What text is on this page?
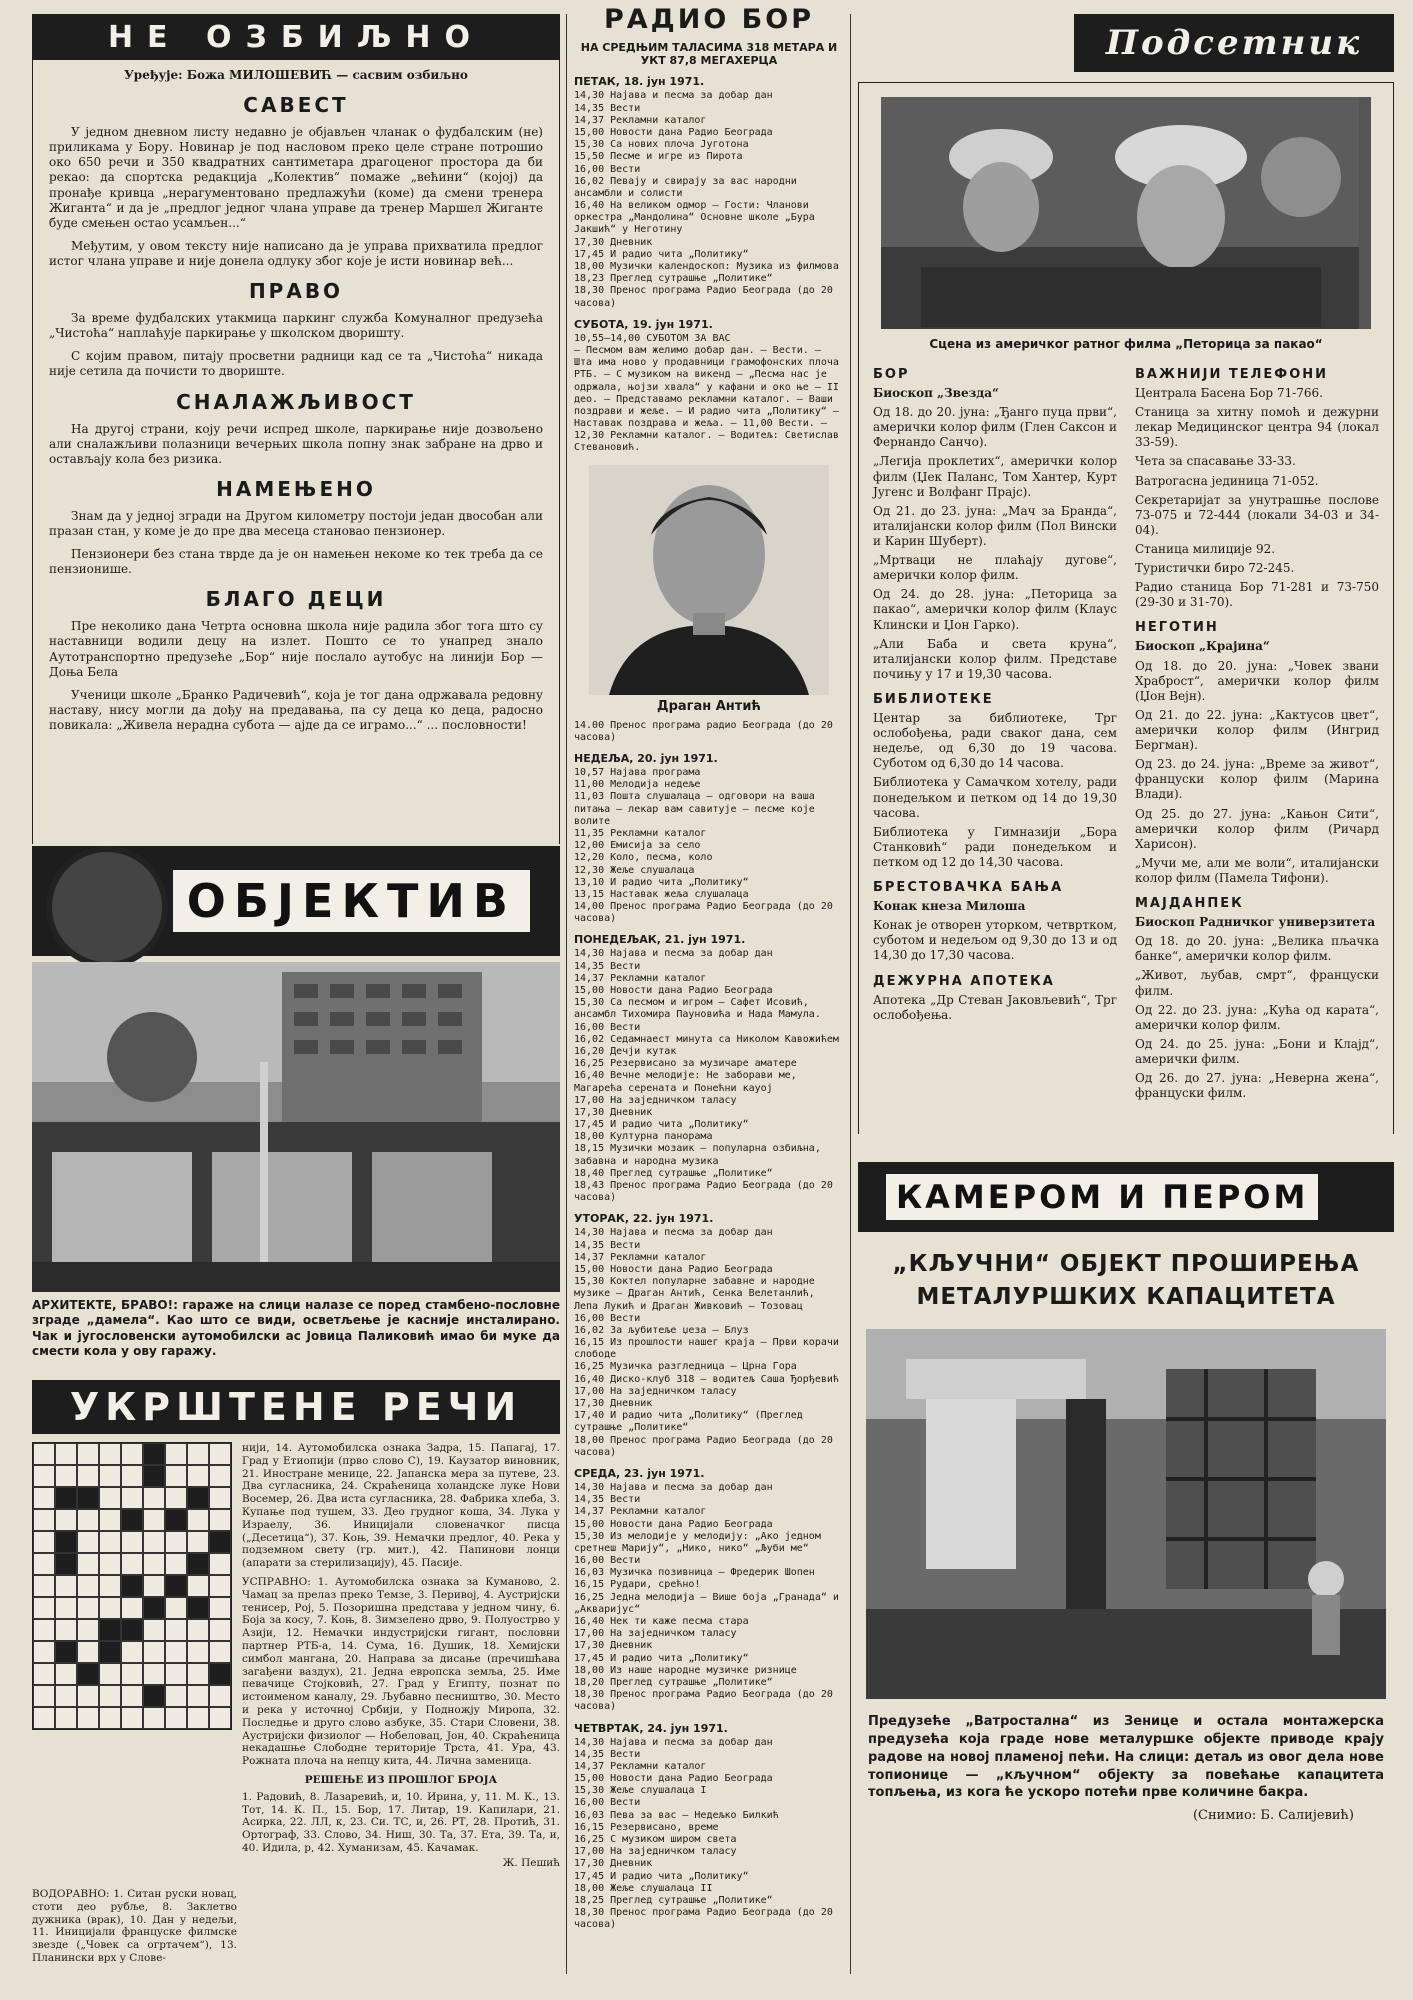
НЕ ОЗБИЉНО
Уређује: Божа МИЛОШЕВИЋ — сасвим озбиљно
САВЕСТ

У једном дневном листу недавно је објављен чланак о фудбалским (не) приликама у Бору. Новинар је под насловом преко целе стране потрошио око 650 речи и 350 квадратних сантиметара драгоценог простора да би рекао: да спортска редакција „Колектив“ помаже „већини“ (којој) да пронађе кривца „нерагументовано предлажући (коме) да смени тренера Жиганта“ и да је „предлог једног члана управе да тренер Маршел Жиганте буде смењен остао усамљен...“

Међутим, у овом тексту није написано да је управа прихватила предлог истог члана управе и није донела одлуку због које је исти новинар већ...

ПРАВО

За време фудбалских утакмица паркинг служба Комуналног предузећа „Чистоћа“ наплаћује паркирање у школском дворишту.

С којим правом, питају просветни радници кад се та „Чистоћа“ никада није сетила да почисти то двориште.

СНАЛАЖЉИВОСТ

На другој страни, коју речи испред школе, паркирање није дозвољено али сналажљиви полазници вечерњих школа попну знак забране на дрво и остављају кола без ризика.

НАМЕЊЕНО

Знам да у једној згради на Другом километру постоји један двособан али празан стан, у коме је до пре два месеца становао пензионер.

Пензионери без стана тврде да је он намењен некоме ко тек треба да се пензионише.

БЛАГО ДЕЦИ

Пре неколико дана Четрта основна школа није радила због тога што су наставници водили децу на излет. Пошто се то унапред знало Аутотранспортно предузеће „Бор“ није послало аутобус на линији Бор — Доња Бела

Ученици школе „Бранко Радичевић“, која је тог дана одржавала редовну наставу, нису могли да дођу на предавања, па су деца ко деца, радосно повикала: „Живела нерадна субота — ајде да се играмо...“ ... пословности!

ОБЈЕКТИВ
АРХИТЕКТЕ, БРАВО!: гараже на слици налазе се поред стамбено-пословне зграде „дамела“. Као што се види, осветљење је касније инсталирано. Чак и југословенски аутомобилски ас Јовица Паликовић имао би муке да смести кола у ову гаражу.
УКРШТЕНЕ РЕЧИ
нији, 14. Аутомобилска ознака Задра, 15. Папагај, 17. Град у Етиопији (прво слово С), 19. Каузатор виновник, 21. Иностране менице, 22. Јапанска мера за путеве, 23. Два сугласника, 24. Скраћеница холандске луке Нови Восемер, 26. Два иста сугласника, 28. Фабрика хлеба, 3. Купање под тушем, 33. Део грудног коша, 34. Лука у Израелу, 36. Иницијали словеначког писца („Десетица“), 37. Коњ, 39. Немачки предлог, 40. Река у подземном свету (гр. мит.), 42. Папинови лонци (апарати за стерилизацију), 45. Пасије.
УСПРАВНО: 1. Аутомобилска ознака за Куманово, 2. Чамац за прелаз преко Темзе, 3. Перивој, 4. Аустријски тенисер, Рој, 5. Позоришна представа у једном чину, 6. Боја за косу, 7. Коњ, 8. Зимзелено дрво, 9. Полуострво у Азији, 12. Немачки индустријски гигант, пословни партнер РТБ-а, 14. Сума, 16. Душик, 18. Хемијски симбол мангана, 20. Направа за дисање (пречишћава загађени ваздух), 21. Једна европска земља, 25. Име певачице Стојковић, 27. Град у Египту, познат по истоименом каналу, 29. Љубавно песништво, 30. Место и река у источној Србији, у Подножју Миропа, 32. Последње и друго слово азбуке, 35. Стари Словени, 38. Аустријски физиолог — Нобеловац, Јон, 40. Скраћеница некадашње Слободне територије Трста, 41. Ура, 43. Рожната плоча на непцу кита, 44. Лична заменица.
РЕШЕЊЕ ИЗ ПРОШЛОГ БРОЈА
1. Радовић, 8. Лазаревић, и, 10. Ирина, у, 11. М. К., 13. Тот, 14. К. П., 15. Бор, 17. Литар, 19. Капилари, 21. Асирка, 22. ЛЛ, к, 23. Си. ТС, и, 26. РТ, 28. Протић, 31. Ортограф, 33. Слово, 34. Ниш, 30. Та, 37. Ета, 39. Та, и, 40. Идила, р, 42. Хуманизам, 45. Качамак.
Ж. Пешић
ВОДОРАВНО: 1. Ситан руски новац, стоти део рубље, 8. Заклетво дужника (врак), 10. Дан у недељи, 11. Иницијали француске филмске звезде („Човек са огртачем“), 13. Планински врх у Слове-
РАДИО БОР
НА СРЕДЊИМ ТАЛАСИМА 318 МЕТАРА И УКТ 87,8 МЕГАХЕРЦА
ПЕТАК, 18. јун 1971.
14,30 Најава и песма за добар дан
14,35 Вести
14,37 Рекламни каталог
15,00 Новости дана Радио Београда
15,30 Са нових плоча Југотона
15,50 Песме и игре из Пирота
16,00 Вести
16,02 Певају и свирају за вас народни ансамбли и солисти
16,40 На великом одмор — Гости: Чланови оркестра „Мандолина“ Основне школе „Бура Јакшић“ у Неготину
17,30 Дневник
17,45 И радио чита „Политику“
18,00 Музички календоскоп: Музика из филмова
18,23 Преглед сутрашње „Политике“
18,30 Пренос програма Радио Београда (до 20 часова)
СУБОТА, 19. јун 1971.
10,55—14,00 СУБОТОМ ЗА ВАС
— Песмом вам желимо добар дан. — Вести. — Шта има ново у продавници грамофонских плоча РТБ. — С музиком на викенд — „Песма нас је одржала, њојзи хвала“ у кафани и око ње — II део. — Представамо рекламни каталог. — Ваши поздрави и жеље. — И радио чита „Политику“ — Наставак поздрава и жеља. — 11,00 Вести. — 12,30 Рекламни каталог. — Водитељ: Светислав Стевановић.
Драган Антић
14.00 Пренос програма радио Београда (до 20 часова)
НЕДЕЉА, 20. јун 1971.
10,57 Најава програма
11,00 Мелодија недеље
11,03 Пошта слушалаца — одговори на ваша питања — лекар вам савитује — песме које волите
11,35 Рекламни каталог
12,00 Емисија за село
12,20 Коло, песма, коло
12,30 Жеље слушалаца
13,10 И радио чита „Политику“
13,15 Наставак жеља слушалаца
14,00 Пренос програма Радио Београда (до 20 часова)
ПОНЕДЕЉАК, 21. јун 1971.
14,30 Најава и песма за добар дан
14,35 Вести
14,37 Рекламни каталог
15,00 Новости дана Радио Београда
15,30 Са песмом и игром — Сафет Исовић, ансамбл Тихомира Пауновића и Нада Мамула.
16,00 Вести
16,02 Седамнаест минута са Николом Кавожићем
16,20 Дечји кутак
16,25 Резервисано за музичаре аматере
16,40 Вечне мелодије: Не заборави ме, Магарећа серената и Понећни кауој
17,00 На заједничком таласу
17,30 Дневник
17,45 И радио чита „Политику“
18,00 Културна панорама
18,15 Музички мозаик — популарна озбиљна, забавна и народна музика
18,40 Преглед сутрашње „Политике“
18,43 Пренос програма Радио Београда (до 20 часова)
УТОРАК, 22. јун 1971.
14,30 Најава и песма за добар дан
14,35 Вести
14,37 Рекламни каталог
15,00 Новости дана Радио Београда
15,30 Коктел популарне забавне и народне музике — Драган Антић, Сенка Велетанлић, Лепа Лукић и Драган Живковић — Тозовац
16,00 Вести
16,02 За љубитеље џеза — Блуз
16,15 Из прошлости нашег краја — Први корачи слободе
16,25 Музичка разгледница — Црна Гора
16,40 Диско-клуб 318 — водитељ Саша Ђорђевић
17,00 На заједничком таласу
17,30 Дневник
17,40 И радио чита „Политику“ (Преглед сутрашње „Политике“
18,00 Пренос програма Радио Београда (до 20 часова)
СРЕДА, 23. јун 1971.
14,30 Најава и песма за добар дан
14,35 Вести
14,37 Рекламни каталог
15,00 Новости дана Радио Београда
15,30 Из мелодије у мелодију: „Ако једном сретнеш Марију“, „Нико, нико“ „Љуби ме“
16,00 Вести
16,03 Музичка позивница — Фредерик Шопен
16,15 Рудари, срећно!
16,25 Једна мелодија — Више боја „Гранада“ и „Акваријус“
16,40 Нек ти каже песма стара
17,00 На заједничком таласу
17,30 Дневник
17,45 И радио чита „Политику“
18,00 Из наше народне музичке ризнице
18,20 Преглед сутрашње „Политике“
18,30 Пренос програма Радио Београда (до 20 часова)
ЧЕТВРТАК, 24. јун 1971.
14,30 Најава и песма за добар дан
14,35 Вести
14,37 Рекламни каталог
15,00 Новости дана Радио Београда
15,30 Жеље слушалаца I
16,00 Вести
16,03 Пева за вас — Недељко Билкић
16,15 Резервисано, време
16,25 С музиком широм света
17,00 На заједничком таласу
17,30 Дневник
17,45 И радио чита „Политику“
18,00 Жеље слушалаца II
18,25 Преглед сутрашње „Политике“
18,30 Пренос програма Радио Београда (до 20 часова)
Подсетник
Сцена из америчког ратног филма „Петорица за пакао“
БОР
Биоскоп „Звезда“
Од 18. до 20. јуна: „Ђанго пуца први“, амерички колор филм (Глен Саксон и Фернандо Санчо).
„Легија проклетих“, амерички колор филм (Џек Паланс, Том Хантер, Курт Југенс и Волфанг Прајс).
Од 21. до 23. јуна: „Мач за Бранда“, италијански колор филм (Пол Вински и Карин Шуберт).
„Мртваци не плаћају дугове“, амерички колор филм.
Од 24. до 28. јуна: „Петорица за пакао“, амерички колор филм (Клаус Клински и Џон Гарко).
„Али Баба и света круна“, италијански колор филм. Представе почињу у 17 и 19,30 часова.
БИБЛИОТЕКЕ
Центар за библиотеке, Трг ослобођења, ради сваког дана, сем недеље, од 6,30 до 19 часова. Суботом од 6,30 до 14 часова.
Библиотека у Самачком хотелу, ради понедељком и петком од 14 до 19,30 часова.
Библиотека у Гимназији „Бора Станковић“ ради понедељком и петком од 12 до 14,30 часова.
БРЕСТОВАЧКА БАЊА
Конак кнеза Милоша
Конак је отворен уторком, четвртком, суботом и недељом од 9,30 до 13 и од 14,30 до 17,30 часова.
ДЕЖУРНА АПОТЕКА
Апотека „Др Стеван Јаковљевић“, Трг ослобођења.
ВАЖНИЈИ ТЕЛЕФОНИ
Централа Басена Бор 71-766.
Станица за хитну помоћ и дежурни лекар Медицинског центра 94 (локал 33-59).
Чета за спасавање 33-33.
Ватрогасна јединица 71-052.
Секретаријат за унутрашње послове 73-075 и 72-444 (локали 34-03 и 34-04).
Станица милиције 92.
Туристички биро 72-245.
Радио станица Бор 71-281 и 73-750 (29-30 и 31-70).
НЕГОТИН
Биоскоп „Крајина“
Од 18. до 20. јуна: „Човек звани Храброст“, амерички колор филм (Џон Вејн).
Од 21. до 22. јуна: „Кактусов цвет“, амерички колор филм (Ингрид Бергман).
Од 23. до 24. јуна: „Време за живот“, француски колор филм (Марина Влади).
Од 25. до 27. јуна: „Кањон Сити“, амерички колор филм (Ричард Харисон).
„Мучи ме, али ме воли“, италијански колор филм (Памела Тифони).
МАЈДАНПЕК
Биоскоп Радничког универзитета
Од 18. до 20. јуна: „Велика пљачка банке“, амерички колор филм.
„Живот, љубав, смрт“, француски филм.
Од 22. до 23. јуна: „Кућа од карата“, амерички колор филм.
Од 24. до 25. јуна: „Бони и Клајд“, амерички филм.
Од 26. до 27. јуна: „Неверна жена“, француски филм.
КАМЕРОМ И ПЕРОМ
„КЉУЧНИ“ ОБЈЕКТ ПРОШИРЕЊА МЕТАЛУРШКИХ КАПАЦИТЕТА
Предузеће „Ватростална“ из Зенице и остала монтажерска предузећа која граде нове металуршке објекте приводе крају радове на новој пламеној пећи. На слици: детаљ из овог дела нове топионице — „кључном“ објекту за повећање капацитета топљења, из кога ће ускоро потећи прве количине бакра.
(Снимио: Б. Салијевић)
